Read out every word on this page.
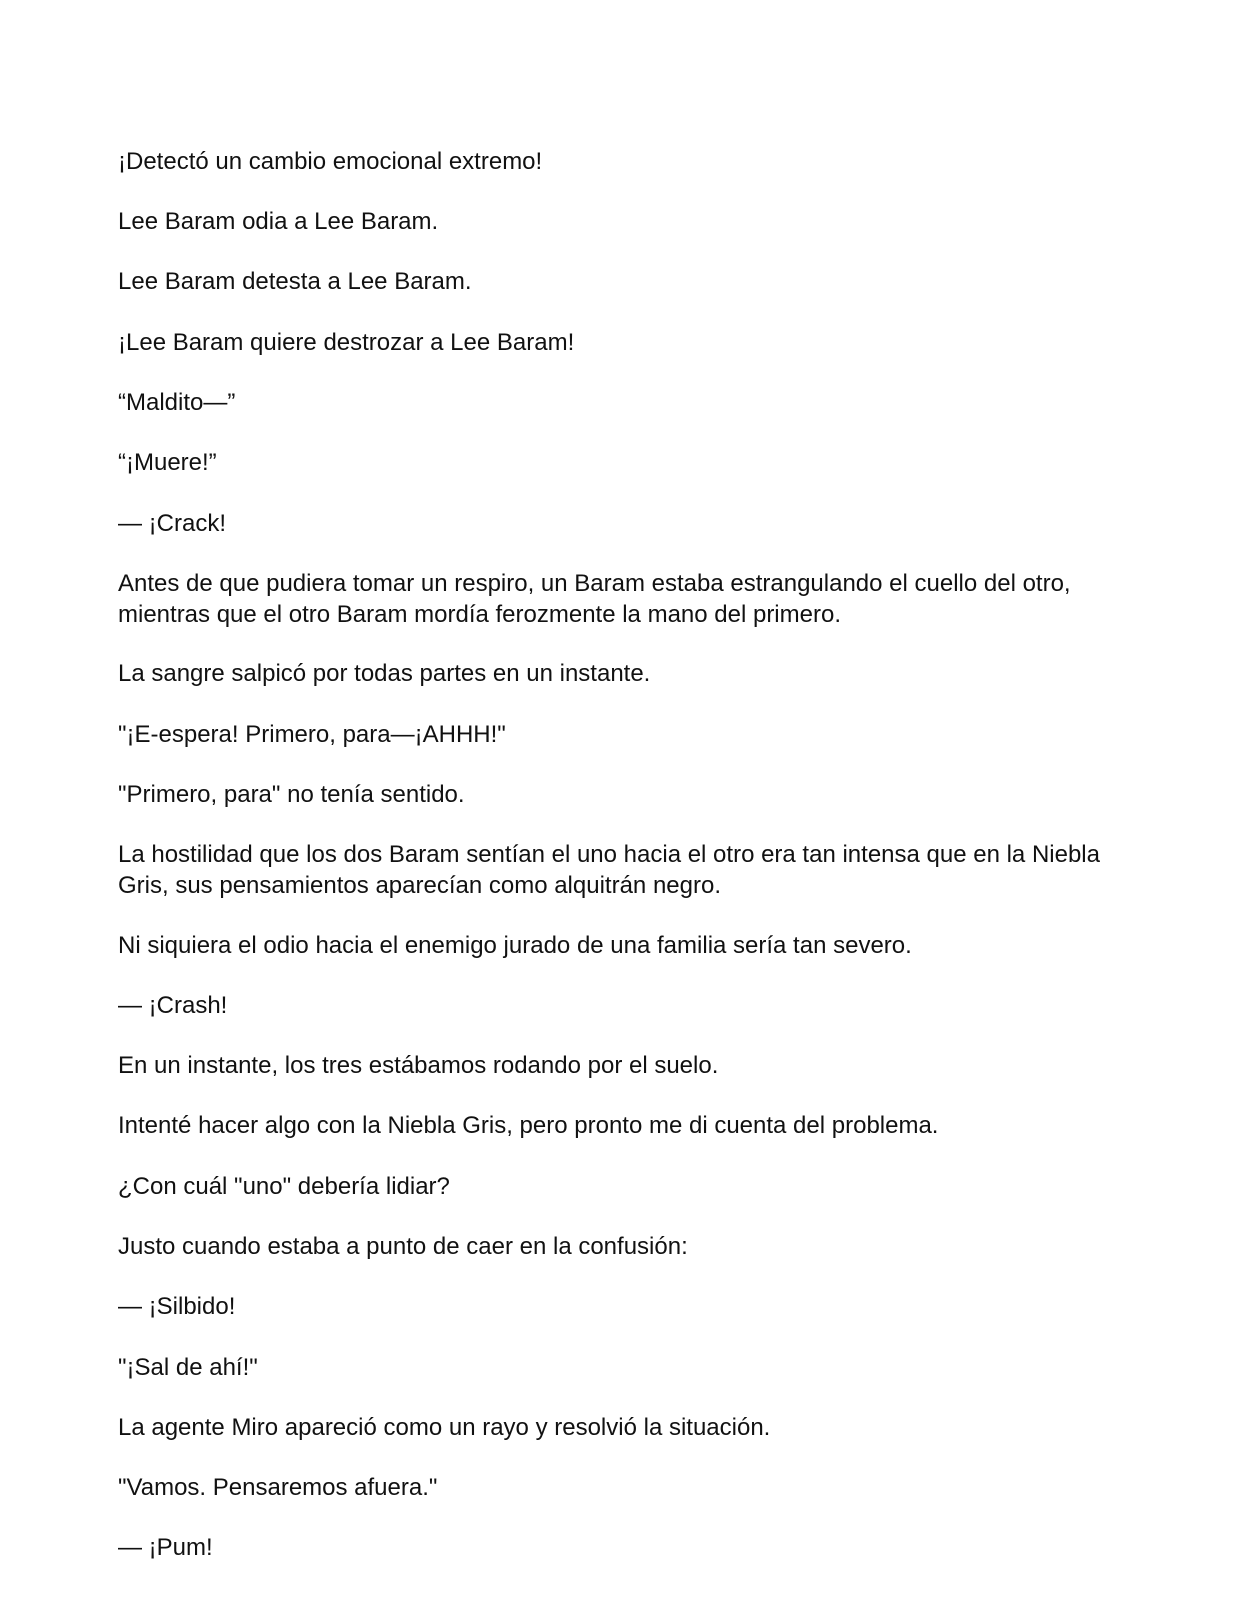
¡Detectó un cambio emocional extremo!

Lee Baram odia a Lee Baram.

Lee Baram detesta a Lee Baram.

¡Lee Baram quiere destrozar a Lee Baram!

“Maldito—”

“¡Muere!”

— ¡Crack!

Antes de que pudiera tomar un respiro, un Baram estaba estrangulando el cuello del otro, mientras que el otro Baram mordía ferozmente la mano del primero.

La sangre salpicó por todas partes en un instante.

"¡E-espera! Primero, para—¡AHHH!"

"Primero, para" no tenía sentido.

La hostilidad que los dos Baram sentían el uno hacia el otro era tan intensa que en la Niebla Gris, sus pensamientos aparecían como alquitrán negro.

Ni siquiera el odio hacia el enemigo jurado de una familia sería tan severo.

— ¡Crash!

En un instante, los tres estábamos rodando por el suelo.

Intenté hacer algo con la Niebla Gris, pero pronto me di cuenta del problema.

¿Con cuál "uno" debería lidiar?

Justo cuando estaba a punto de caer en la confusión:

— ¡Silbido!

"¡Sal de ahí!"

La agente Miro apareció como un rayo y resolvió la situación.

"Vamos. Pensaremos afuera."

— ¡Pum!
